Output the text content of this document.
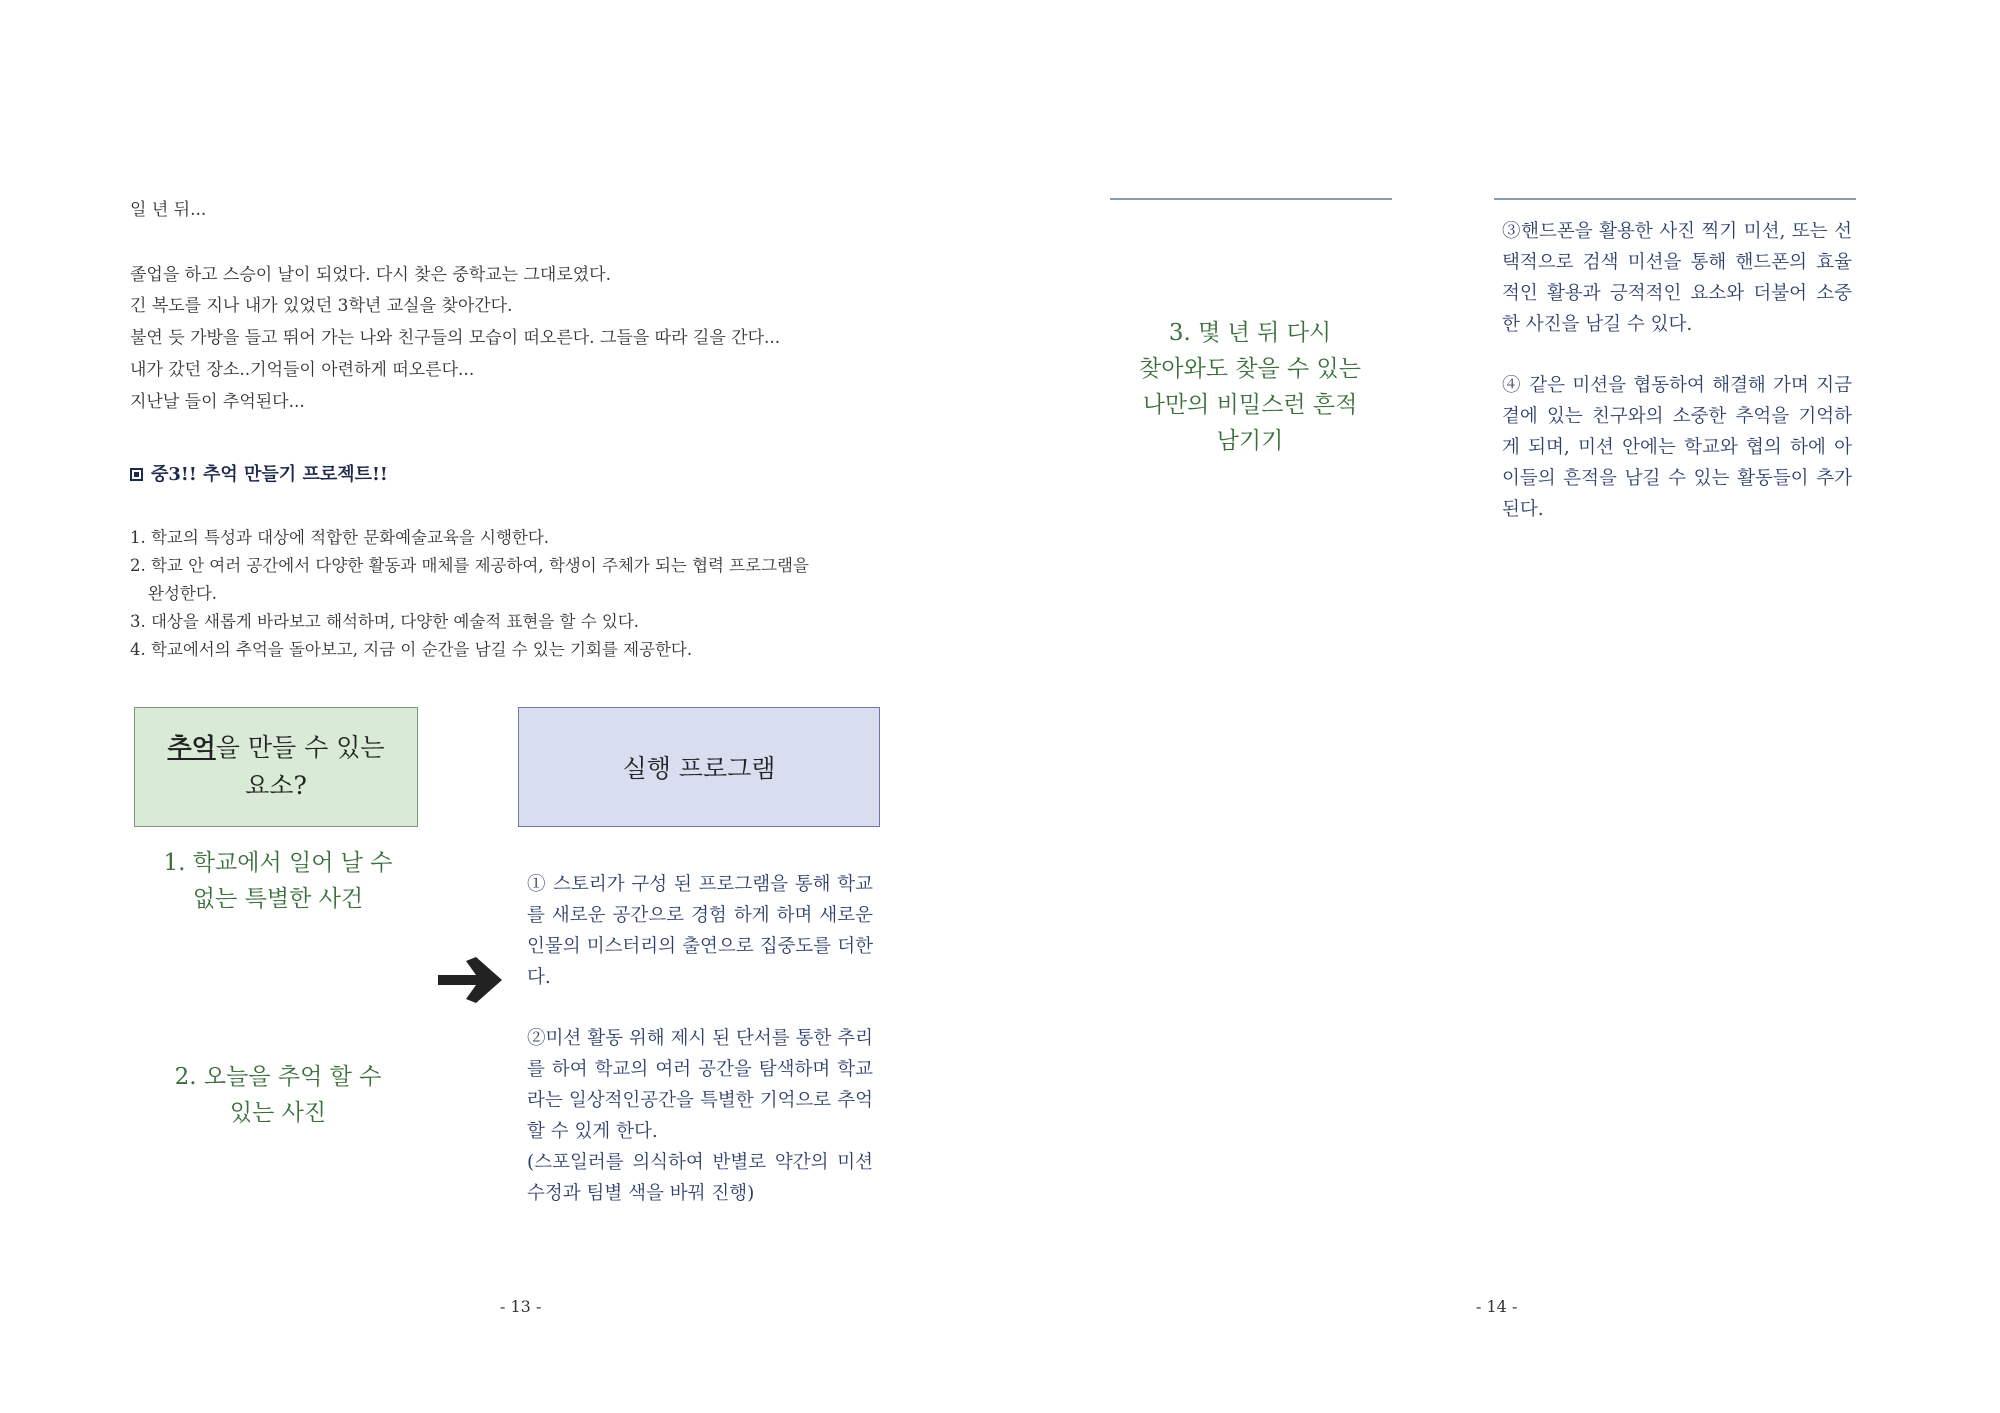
일 년 뒤...
졸업을 하고 스승이 날이 되었다. 다시 찾은 중학교는 그대로였다.
긴 복도를 지나 내가 있었던 3학년 교실을 찾아간다.
불연 듯 가방을 들고 뛰어 가는 나와 친구들의 모습이 떠오른다. 그들을 따라 길을 간다...
내가 갔던 장소..기억들이 아련하게 떠오른다...
지난날 들이 추억된다...
중3!! 추억 만들기 프로젝트!!
1. 학교의 특성과 대상에 적합한 문화예술교육을 시행한다.
2. 학교 안 여러 공간에서 다양한 활동과 매체를 제공하여, 학생이 주체가 되는 협력 프로그램을
완성한다.
3. 대상을 새롭게 바라보고 해석하며, 다양한 예술적 표현을 할 수 있다.
4. 학교에서의 추억을 돌아보고, 지금 이 순간을 남길 수 있는 기회를 제공한다.
추억을 만들 수 있는
요소?
실행 프로그램
1. 학교에서 일어 날 수
없는 특별한 사건
2. 오늘을 추억 할 수
있는 사진
① 스토리가 구성 된 프로그램을 통해 학교를 새로운 공간으로 경험 하게 하며 새로운 인물의 미스터리의 출연으로 집중도를 더한다.
②미션 활동 위해 제시 된 단서를 통한 추리를 하여 학교의 여러 공간을 탐색하며 학교라는 일상적인공간을 특별한 기억으로 추억 할 수 있게 한다.
(스포일러를 의식하여 반별로 약간의 미션수정과 팀별 색을 바꿔 진행)
- 13 -
3. 몇 년 뒤 다시
찾아와도 찾을 수 있는
나만의 비밀스런 흔적
남기기
③핸드폰을 활용한 사진 찍기 미션, 또는 선택적으로 검색 미션을 통해 핸드폰의 효율적인 활용과 긍적적인 요소와 더불어 소중한 사진을 남길 수 있다.
④ 같은 미션을 협동하여 해결해 가며 지금 곁에 있는 친구와의 소중한 추억을 기억하게 되며, 미션 안에는 학교와 협의 하에 아이들의 흔적을 남길 수 있는 활동들이 추가 된다.
- 14 -
